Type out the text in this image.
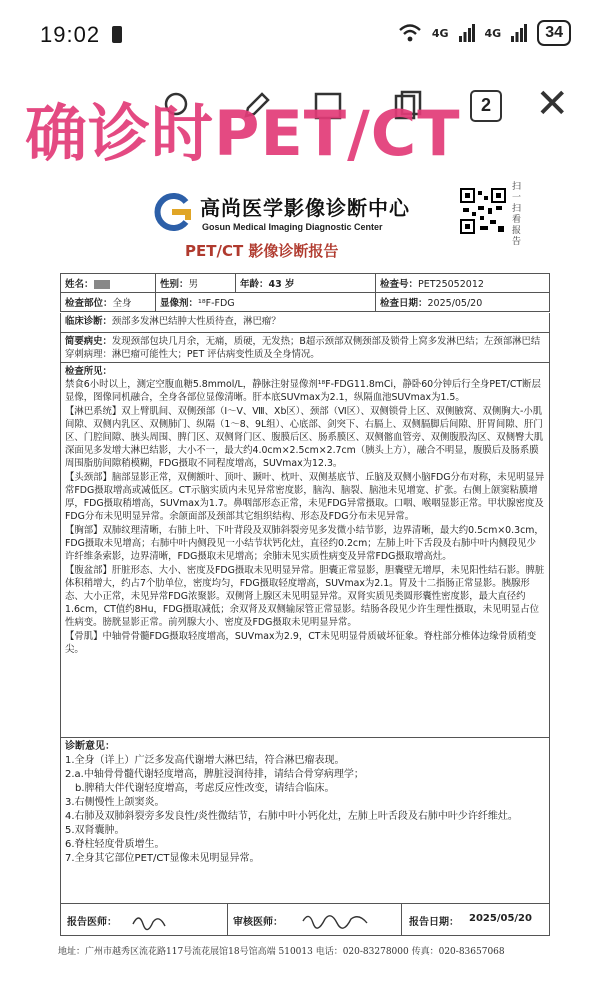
19:02	4G	4G	34
2 ✕
确诊时PET/CT
高尚医学影像诊断中心
Gosun Medical Imaging Diagnostic Center
PET/CT 影像诊断报告
扫一扫看报告
姓名：	性别：男	年龄：43 岁	检查号：PET25052012
检查部位：全身	显像剂：¹⁸F-FDG		检查日期：2025/05/20
临床诊断：颈部多发淋巴结肿大性质待查，淋巴瘤？
简要病史：发现颈部包块几月余，无痛，质硬，无发热；B超示颈部双侧颈部及锁骨上窝多发淋巴结；左颈部淋巴结穿刺病理：淋巴瘤可能性大；PET 评估病变性质及全身情况。
检查所见：
禁食6小时以上，测定空腹血糖5.8mmol/L，静脉注射显像剂¹⁸F-FDG11.8mCi，静卧60分钟后行全身PET/CT断层显像，图像同机融合，全身各部位显像清晰。肝本底SUVmax为2.1，纵隔血池SUVmax为1.5。
【淋巴系统】双上臂肌间、双侧颈部（Ⅰ～Ⅴ、Ⅷ、Ⅹb区）、颈部（Ⅵ区）、双侧锁骨上区、双侧腋窝、双侧胸大-小肌间隙、双侧内乳区、双侧肺门、纵隔（1～8、9L组）、心底部、剑突下、右膈上、双侧膈脚后间隙、肝胃间隙、肝门区、门腔间隙、胰头周围、脾门区、双侧肾门区、腹膜后区、肠系膜区、双侧髂血管旁、双侧腹股沟区、双侧臀大肌深面见多发增大淋巴结影，大小不一，最大约4.0cm×2.5cm×2.7cm（胰头上方），融合不明显，腹膜后及肠系膜周围脂肪间隙稍模糊，FDG摄取不同程度增高，SUVmax为12.3。
【头颈部】脑部显影正常，双侧额叶、顶叶、颞叶、枕叶、双侧基底节、丘脑及双侧小脑FDG分布对称，未见明显异常FDG摄取增高或减低区。CT示脑实质内未见异常密度影，脑沟、脑裂、脑池未见增宽、扩张。右侧上颌窦粘膜增厚，FDG摄取稍增高，SUVmax为1.7。鼻咽部形态正常，未见FDG异常摄取。口咽、喉咽显影正常。甲状腺密度及FDG分布未见明显异常。余颌面部及颈部其它组织结构、形态及FDG分布未见异常。
【胸部】双肺纹理清晰，右肺上叶、下叶背段及双肺斜裂旁见多发微小结节影，边界清晰，最大约0.5cm×0.3cm，FDG摄取未见增高；右肺中叶内侧段见一小结节状钙化灶，直径约0.2cm；左肺上叶下舌段及右肺中叶内侧段见少许纤维条索影，边界清晰，FDG摄取未见增高；余肺未见实质性病变及异常FDG摄取增高灶。
【腹盆部】肝脏形态、大小、密度及FDG摄取未见明显异常。胆囊正常显影，胆囊壁无增厚，未见阳性结石影。脾脏体积稍增大，约占7个肋单位，密度均匀，FDG摄取轻度增高，SUVmax为2.1。胃及十二指肠正常显影。胰腺形态、大小正常，未见异常FDG浓聚影。双侧肾上腺区未见明显异常。双肾实质见类圆形囊性密度影，最大直径约1.6cm，CT值约8Hu，FDG摄取减低；余双肾及双侧输尿管正常显影。结肠各段见少许生理性摄取，未见明显占位性病变。膀胱显影正常。前列腺大小、密度及FDG摄取未见明显异常。
【骨肌】中轴骨骨髓FDG摄取轻度增高，SUVmax为2.9，CT未见明显骨质破坏征象。脊柱部分椎体边缘骨质稍变尖。
诊断意见：
1.全身（详上）广泛多发高代谢增大淋巴结，符合淋巴瘤表现。
2.a.中轴骨骨髓代谢轻度增高，脾脏浸润待排，请结合骨穿病理学；
b.脾稍大伴代谢轻度增高，考虑反应性改变，请结合临床。
3.右侧慢性上颌窦炎。
4.右肺及双肺斜裂旁多发良性/炎性微结节，右肺中叶小钙化灶，左肺上叶舌段及右肺中叶少许纤维灶。
5.双肾囊肿。
6.脊柱轻度骨质增生。
7.全身其它部位PET/CT显像未见明显异常。
报告医师：	审核医师：	报告日期： 2025/05/20
地址：广州市越秀区流花路117号流花展馆18号馆高端 510013 电话：020-83278000 传真：020-83657068
